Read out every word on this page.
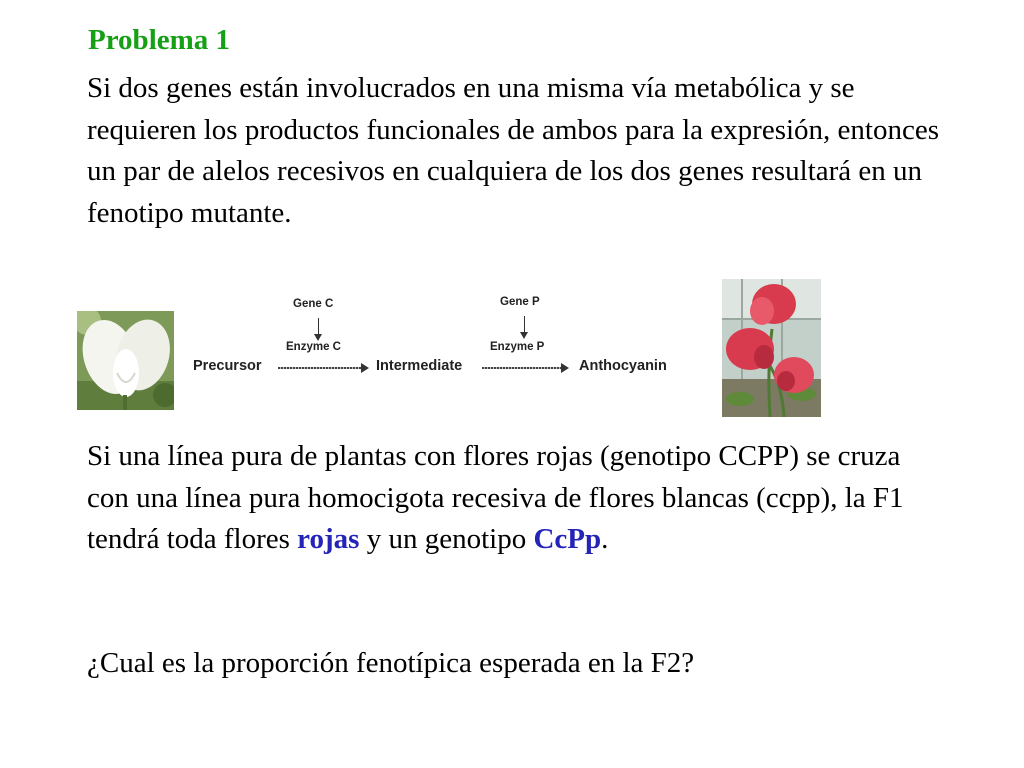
Problema 1

Si dos genes están involucrados en una misma vía metabólica y se requieren los productos funcionales de ambos para la expresión, entonces un par de alelos recesivos en cualquiera de los dos genes resultará en un fenotipo mutante.

Gene C
Enzyme C
Gene P
Enzyme P
Precursor	Intermediate	Anthocyanin

Si una línea pura de plantas con flores rojas (genotipo CCPP) se cruza con una línea pura homocigota recesiva de flores blancas (ccpp), la F1 tendrá toda flores rojas y un genotipo CcPp.

¿Cual es la proporción fenotípica esperada en la F2?
